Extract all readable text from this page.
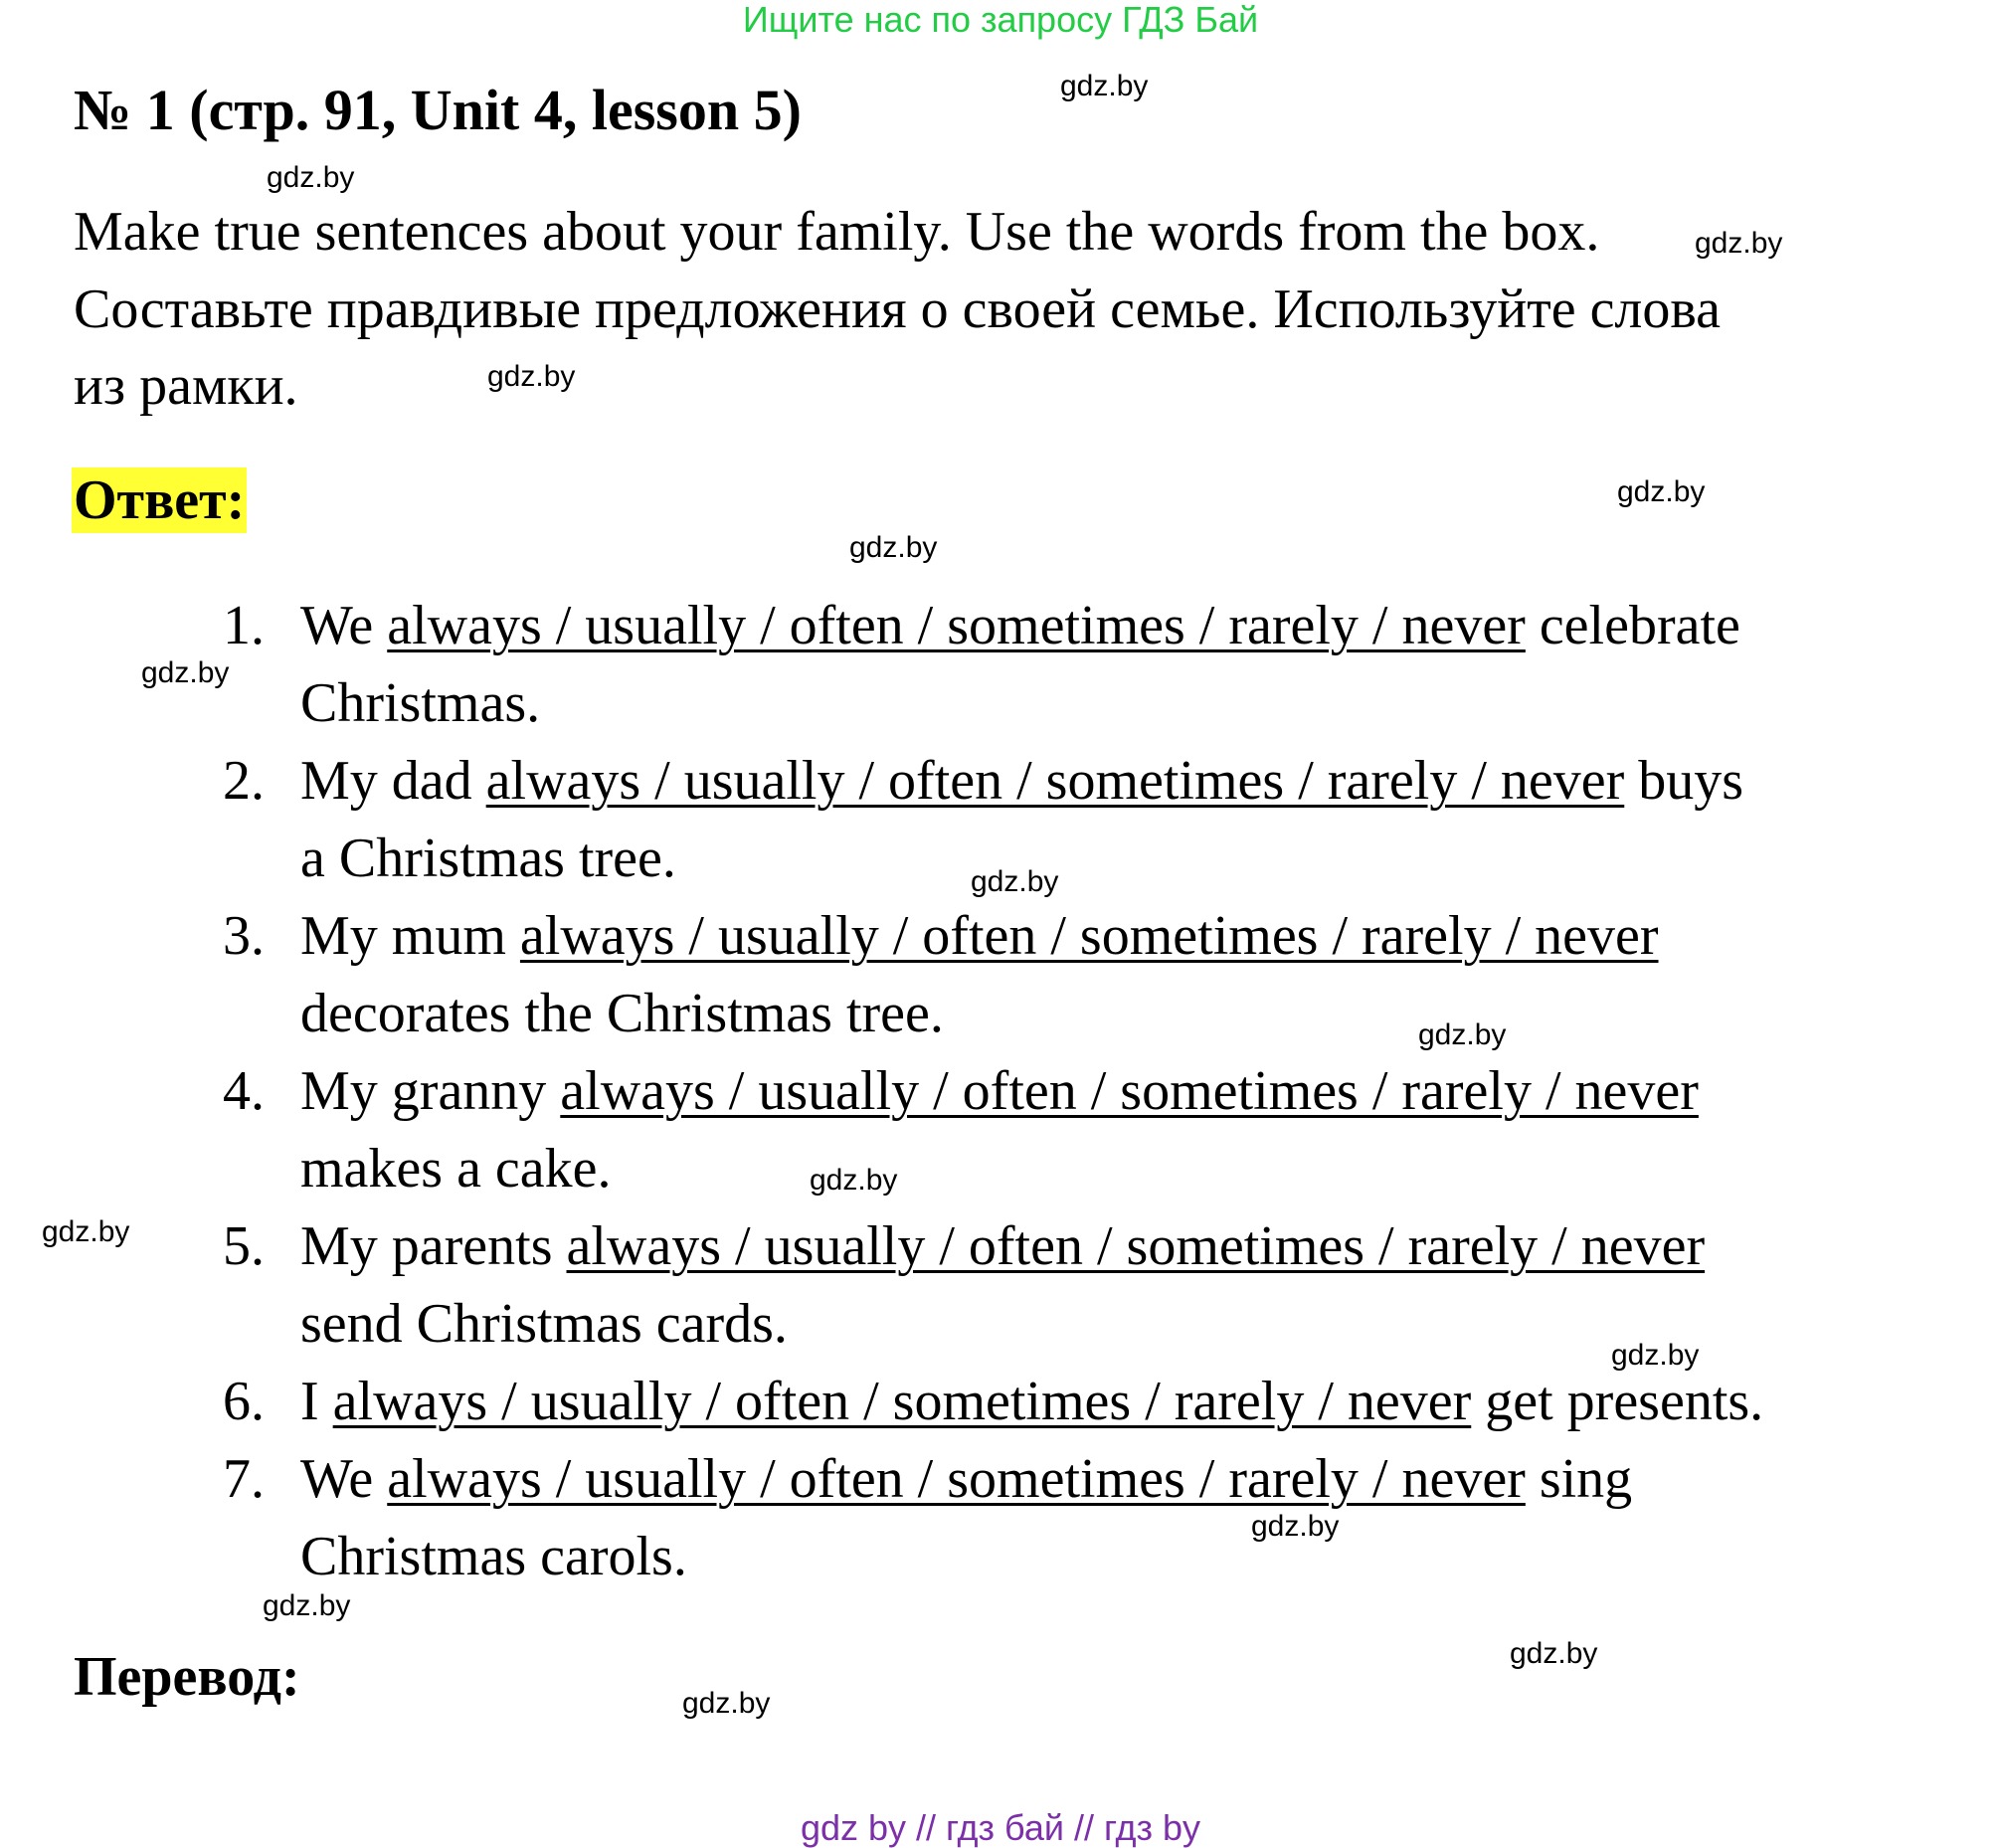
Ищите нас по запросу ГДЗ Бай
№ 1 (стр. 91, Unit 4, lesson 5)
Make true sentences about your family. Use the words from the box.
Составьте правдивые предложения о своей семье. Используйте слова
из рамки.
Ответ:
1. We always / usually / often / sometimes / rarely / never celebrate
Christmas.
2. My dad always / usually / often / sometimes / rarely / never buys
a Christmas tree.
3. My mum always / usually / often / sometimes / rarely / never
decorates the Christmas tree.
4. My granny always / usually / often / sometimes / rarely / never
makes a cake.
5. My parents always / usually / often / sometimes / rarely / never
send Christmas cards.
6. I always / usually / often / sometimes / rarely / never get presents.
7. We always / usually / often / sometimes / rarely / never sing
Christmas carols.
Перевод:
gdz.by
gdz.by
gdz.by
gdz.by
gdz.by
gdz.by
gdz.by
gdz.by
gdz.by
gdz.by
gdz.by
gdz.by
gdz.by
gdz.by
gdz.by
gdz.by
gdz by // гдз бай // гдз by
